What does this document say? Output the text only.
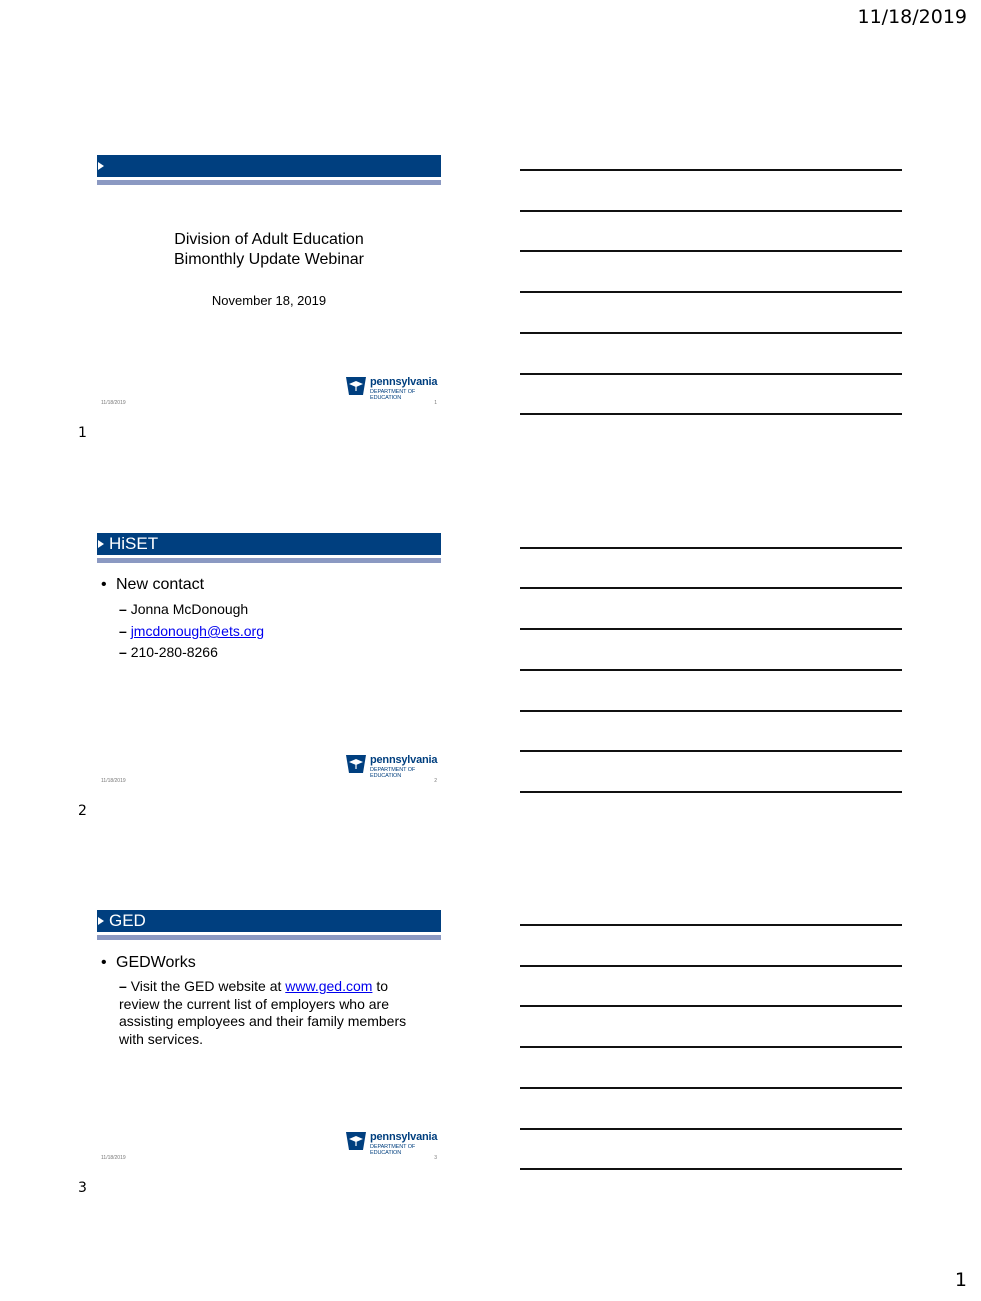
11/18/2019
Division of Adult Education
Bimonthly Update Webinar
November 18, 2019
pennsylvania
DEPARTMENT OF EDUCATION
11/18/2019	1
1
HiSET
• New contact
– Jonna McDonough
– jmcdonough@ets.org
– 210-280-8266
pennsylvania
DEPARTMENT OF EDUCATION
11/18/2019	2
2
GED
• GEDWorks
– Visit the GED website at www.ged.com to review the current list of employers who are assisting employees and their family members with services.
pennsylvania
DEPARTMENT OF EDUCATION
11/18/2019	3
3
1
